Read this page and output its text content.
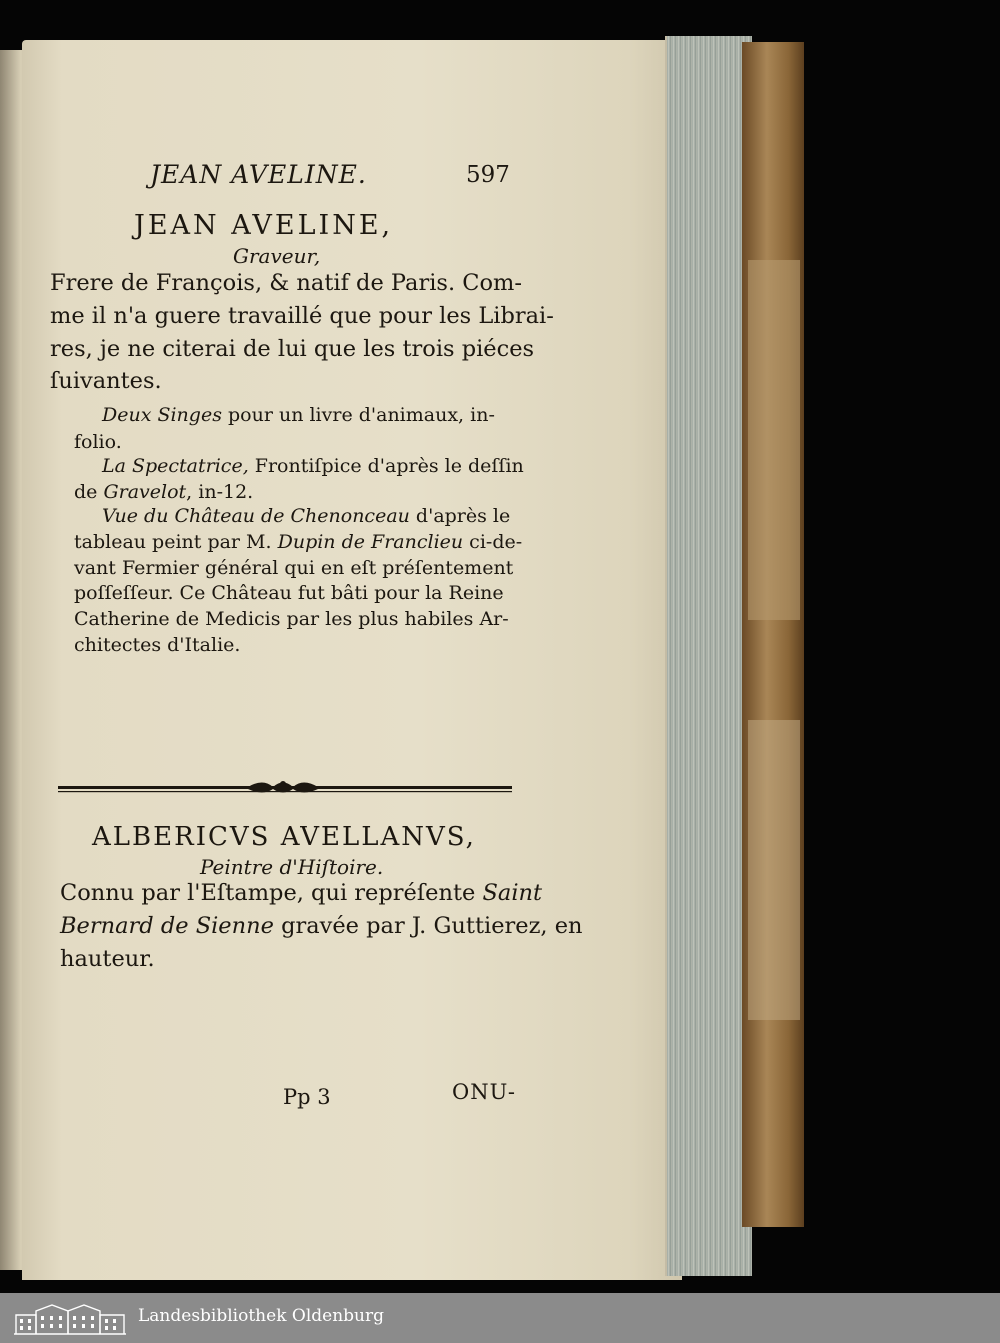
JEAN AVELINE.	597

JEAN AVELINE,

Graveur,

Frere de François, & natif de Paris. Com-

me il n'a guere travaillé que pour les Librai-

res, je ne citerai de lui que les trois piéces

ſuivantes.

Deux Singes pour un livre d'animaux, in-

folio.

La Spectatrice, Frontiſpice d'après le deſſin

de Gravelot, in-12.

Vue du Château de Chenonceau d'après le

tableau peint par M. Dupin de Franclieu ci-de-

vant Fermier général qui en eſt préſentement

poſſeſſeur. Ce Château fut bâti pour la Reine

Catherine de Medicis par les plus habiles Ar-

chitectes d'Italie.

ALBERICVS AVELLANVS,

Peintre d'Hiſtoire.

Connu par l'Eſtampe, qui repréſente Saint

Bernard de Sienne gravée par J. Guttierez, en

hauteur.

Pp 3	ONU-

Landesbibliothek Oldenburg
